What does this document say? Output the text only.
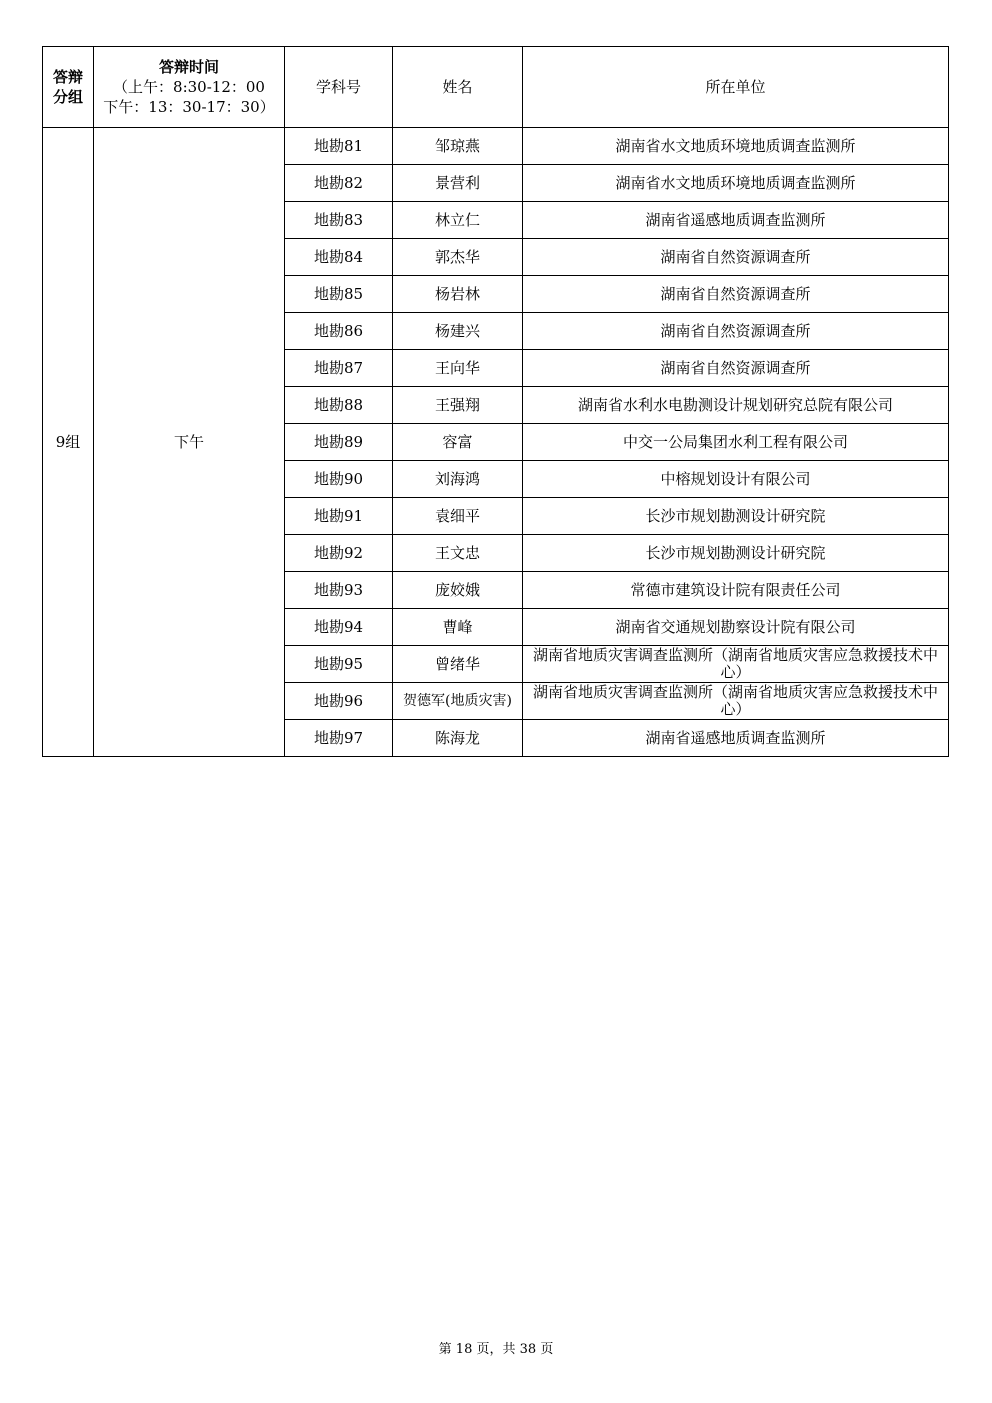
答辩分组	答辩时间
（上午：8:30-12：00
下午：13：30-17：30）	学科号	姓名	所在单位
9组	下午	地勘81	邹琼燕	湖南省水文地质环境地质调查监测所
		地勘82	景营利	湖南省水文地质环境地质调查监测所
		地勘83	林立仁	湖南省遥感地质调查监测所
		地勘84	郭杰华	湖南省自然资源调查所
		地勘85	杨岩林	湖南省自然资源调查所
		地勘86	杨建兴	湖南省自然资源调查所
		地勘87	王向华	湖南省自然资源调查所
		地勘88	王强翔	湖南省水利水电勘测设计规划研究总院有限公司
		地勘89	容富	中交一公局集团水利工程有限公司
		地勘90	刘海鸿	中榕规划设计有限公司
		地勘91	袁细平	长沙市规划勘测设计研究院
		地勘92	王文忠	长沙市规划勘测设计研究院
		地勘93	庞姣娥	常德市建筑设计院有限责任公司
		地勘94	曹峰	湖南省交通规划勘察设计院有限公司
		地勘95	曾绪华	湖南省地质灾害调查监测所（湖南省地质灾害应急救援技术中心）
		地勘96	贺德军(地质灾害)	湖南省地质灾害调查监测所（湖南省地质灾害应急救援技术中心）
		地勘97	陈海龙	湖南省遥感地质调查监测所
第 18 页，共 38 页
